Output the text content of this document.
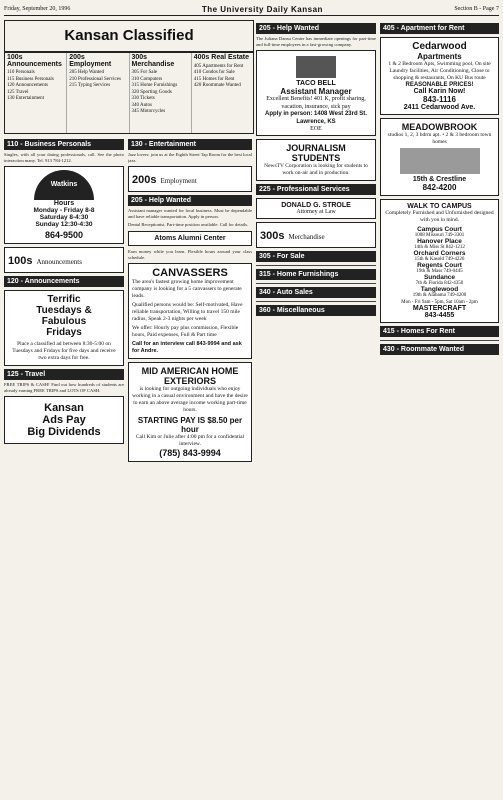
Friday, September 20, 1996	The University Daily Kansan	Section B - Page 7
Kansan Classified
100s Announcements
110 Personals
115 Business Personals
120 Announcements
125 Travel
130 Entertainment
200s Employment
205 Help Wanted
210 Professional Services
215 Typing Services
300s Merchandise
305 For Sale
310 Computers
315 Home Furnishings
320 Sporting Goods
330 Tickets
340 Autos
345 Motorcycles
400s Real Estate
405 Apartments for Rent
410 Condos for Sale
415 Homes for Rent
420 Roommate Wanted
110 - Business Personals

Singles, with all your dating professionals, call. See the photo interaction many. Tel. 913 784-1212.

Watkins
Hours
Monday - Friday 8-8
Saturday 8-4:30
Sunday 12:30-4:30
864-9500
100s Announcements
120 - Announcements
Terrific
Tuesdays &
Fabulous
Fridays
Place a classified ad between 8:30-5:00 on Tuesdays and Fridays for five days and receive two extra days for free.
125 - Travel

FREE TRIPS & CASH! Find out how hundreds of students are already earning FREE TRIPS and LOTS OF CASH.

Kansan
Ads Pay
Big Dividends
130 - Entertainment

Jazz lovers: join us at the Eighth Street Tap Room for the best local jazz.

200s Employment
205 - Help Wanted

Assistant manager wanted for local business. Must be dependable and have reliable transportation. Apply in person.

Dental Receptionist. Part-time position available. Call for details.

Atoms Alumni Center

Earn money while you learn. Flexible hours around your class schedule.

CANVASSERS
The area's fastest growing home improvement company is looking for a 5 canvassers to generate leads.
Qualified persons would be: Self-motivated, Have reliable transportation, Willing to travel 150 mile radius, Speak 2-3 nights per week
We offer: Hourly pay plus commission, Flexible hours, Paid expenses, Full & Part time
Call for an interview call 843-9994 and ask for Andre.
MID AMERICAN HOME EXTERIORS
is looking for outgoing individuals who enjoy working in a casual environment and have the desire to earn an above average income working part-time hours.
STARTING PAY IS $8.50 per hour
Call Kim or Julie after 4:00 pm for a confidential interview.
(785) 843-9994
205 - Help Wanted

The Juliana Dansu Center has immediate openings for part-time and full-time employees in a fast-growing company.

TACO BELL
Assistant Manager
Excellent Benefits! 401 K, profit sharing, vacation, insurance, sick pay
Apply in person: 1408 West 23rd St. Lawrence, KS
EOE
JOURNALISM
STUDENTS
NewsTV Corporation is looking for students to work on-air and in production.
225 - Professional Services
DONALD G. STROLE
Attorney at Law
300s Merchandise
305 - For Sale
315 - Home Furnishings
340 - Auto Sales
360 - Miscellaneous
405 - Apartment for Rent
Cedarwood
Apartments
1 & 2 Bedroom Apts, Swimming pool, On site Laundry facilities, Air Conditioning, Close to shopping & restaurants, On KU Bus route
REASONABLE PRICES!
Call Karin Now!
843-1116
2411 Cedarwood Ave.
MEADOWBROOK
studios 1, 2, 3 bdrm apt. • 2 & 3 bedroom town homes
15th & Crestline
842-4200
WALK TO CAMPUS
Completely Furnished and Unfurnished designed with you in mind.
Campus Court
1008 Missouri 749-3301
Hanover Place
14th & Miss St 842-1212
Orchard Corners
15th & Kasold 749-4226
Regents Court
19th & Mass 749-0445
Sundance
7th & Florida 842-4350
Tanglewood
19th & Alabama 749-4200
Mon - Fri 9am - 5pm, Sat 10am - 2pm
MASTERCRAFT
843-4455
415 - Homes For Rent
430 - Roommate Wanted
